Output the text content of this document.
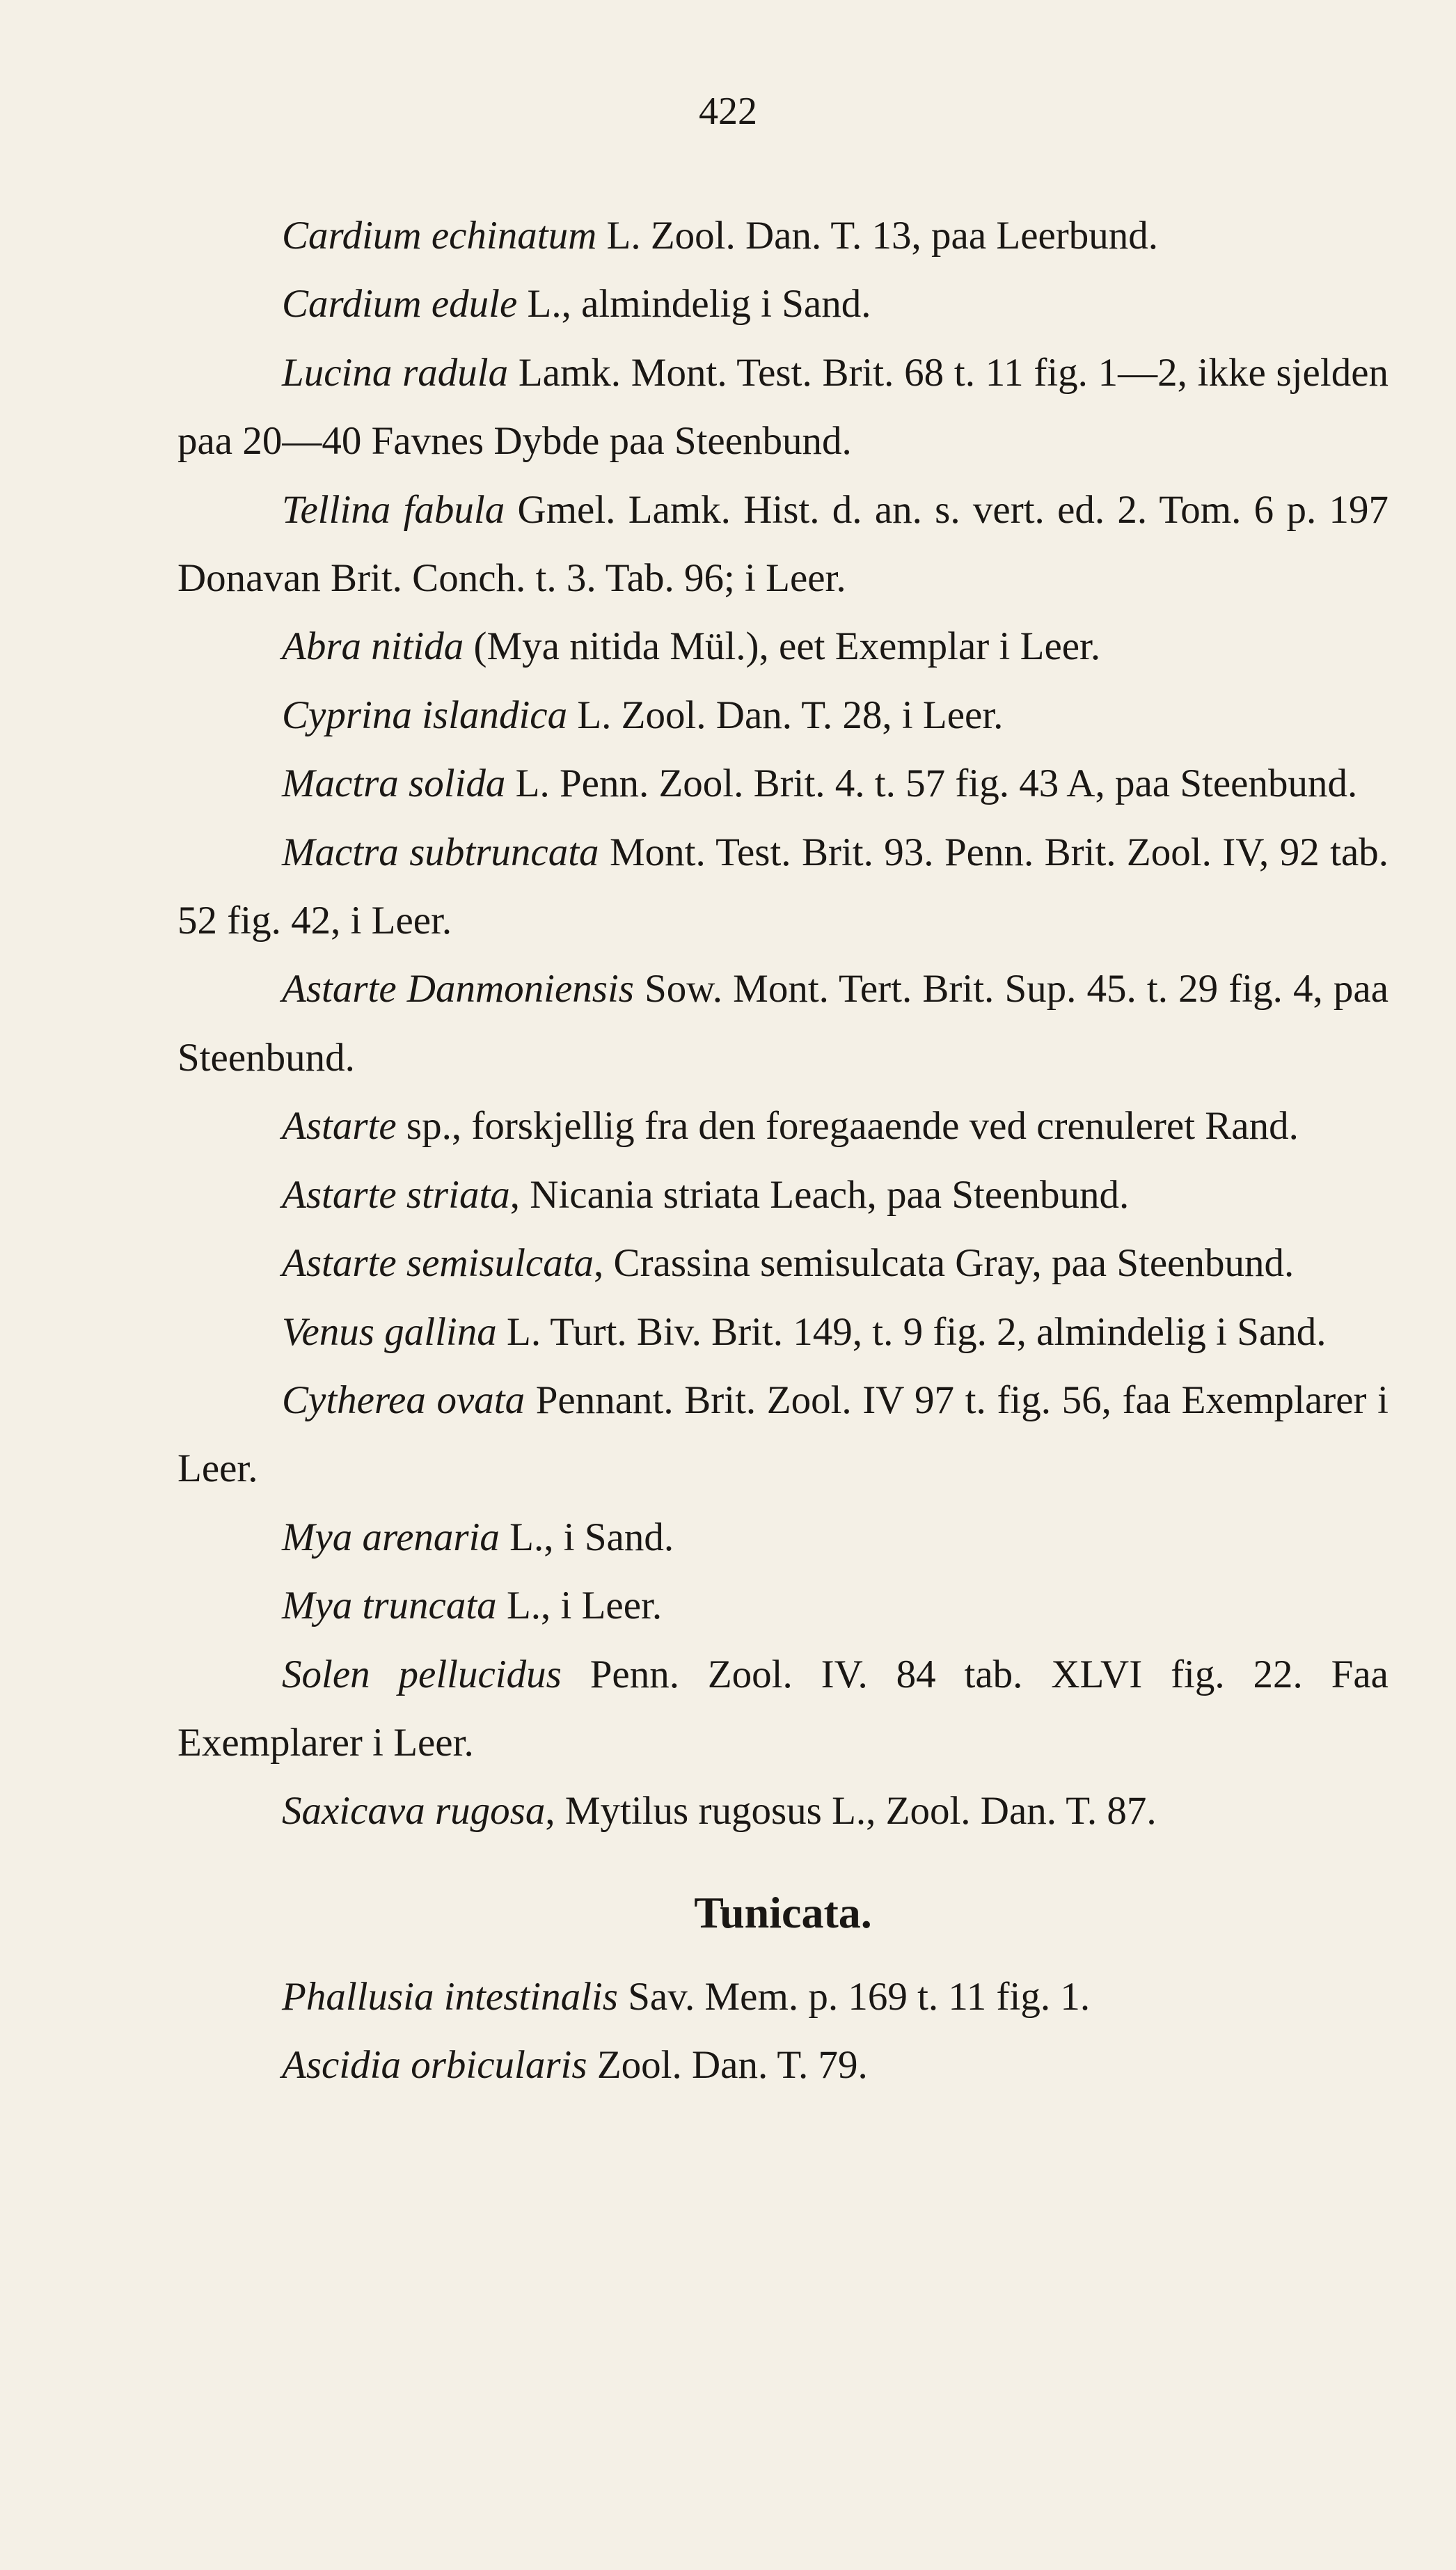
422

Cardium echinatum L. Zool. Dan. T. 13, paa Leerbund.

Cardium edule L., almindelig i Sand.

Lucina radula Lamk. Mont. Test. Brit. 68 t. 11 fig. 1—2, ikke sjelden paa 20—40 Favnes Dybde paa Steenbund.

Tellina fabula Gmel. Lamk. Hist. d. an. s. vert. ed. 2. Tom. 6 p. 197 Donavan Brit. Conch. t. 3. Tab. 96; i Leer.

Abra nitida (Mya nitida Mül.), eet Exemplar i Leer.

Cyprina islandica L. Zool. Dan. T. 28, i Leer.

Mactra solida L. Penn. Zool. Brit. 4. t. 57 fig. 43 A, paa Steenbund.

Mactra subtruncata Mont. Test. Brit. 93. Penn. Brit. Zool. IV, 92 tab. 52 fig. 42, i Leer.

Astarte Danmoniensis Sow. Mont. Tert. Brit. Sup. 45. t. 29 fig. 4, paa Steenbund.

Astarte sp., forskjellig fra den foregaaende ved crenuleret Rand.

Astarte striata, Nicania striata Leach, paa Steenbund.

Astarte semisulcata, Crassina semisulcata Gray, paa Steenbund.

Venus gallina L. Turt. Biv. Brit. 149, t. 9 fig. 2, almindelig i Sand.

Cytherea ovata Pennant. Brit. Zool. IV 97 t. fig. 56, faa Exemplarer i Leer.

Mya arenaria L., i Sand.

Mya truncata L., i Leer.

Solen pellucidus Penn. Zool. IV. 84 tab. XLVI fig. 22. Faa Exemplarer i Leer.

Saxicava rugosa, Mytilus rugosus L., Zool. Dan. T. 87.

Tunicata.

Phallusia intestinalis Sav. Mem. p. 169 t. 11 fig. 1.

Ascidia orbicularis Zool. Dan. T. 79.
